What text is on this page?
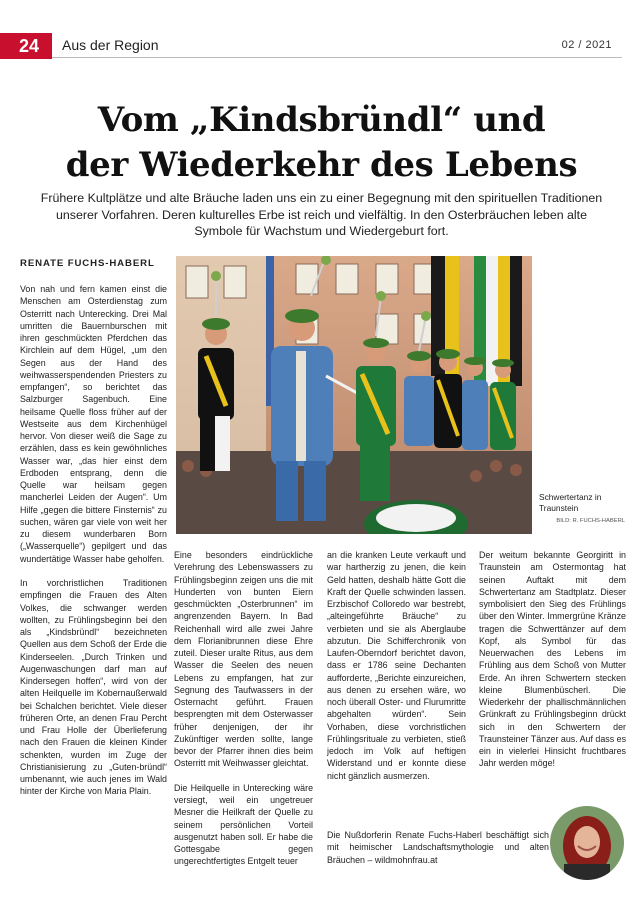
24	Aus der Region	02 / 2021
Vom „Kindsbründl“ und
der Wiederkehr des Lebens
Frühere Kultplätze und alte Bräuche laden uns ein zu einer Begegnung mit den spirituellen Traditionen unserer Vorfahren. Deren kulturelles Erbe ist reich und vielfältig. In den Osterbräuchen leben alte Symbole für Wachstum und Wiedergeburt fort.
RENATE FUCHS-HABERL

Von nah und fern kamen einst die Menschen am Osterdienstag zum Osterritt nach Unterecking. Drei Mal umritten die Bauernburschen mit ihren geschmückten Pferdchen das Kirchlein auf dem Hügel, „um den Segen aus der Hand des weihwasserspendenden Priesters zu empfangen“, so berichtet das Salzburger Sagenbuch. Eine heilsame Quelle floss früher auf der Westseite aus dem Kirchenhügel hervor. Von dieser weiß die Sage zu erzählen, dass es kein gewöhnliches Wasser war, „das hier einst dem Erdboden entsprang, denn die Quelle war heilsam gegen mancherlei Leiden der Augen“. Um Hilfe „gegen die bittere Finsternis“ zu suchen, wären gar viele von weit her zu diesem wunderbaren Born („Wasserquelle“) gepilgert und das wundertätige Wasser habe geholfen.

In vorchristlichen Traditionen empfingen die Frauen des Alten Volkes, die schwanger werden wollten, zu Frühlingsbeginn bei den als „Kindsbründl“ bezeichneten Quellen aus dem Schoß der Erde die Kinderseelen. „Durch Trinken und Augenwaschungen darf man auf Kindersegen hoffen“, wird von der alten Heilquelle im Kobernaußerwald bei Schalchen berichtet. Viele dieser früheren Orte, an denen Frau Percht und Frau Holle der Überlieferung nach den Frauen die kleinen Kinder schenkten, wurden im Zuge der Christianisierung zu „Guten-bründl“ umbenannt, wie auch jenes im Wald hinter der Kirche von Maria Plain.

Schwertertanz in Traunstein
BILD: R. FUCHS-HABERL

Eine besonders eindrückliche Verehrung des Lebenswassers zu Frühlingsbeginn zeigen uns die mit Hunderten von bunten Eiern geschmückten „Osterbrunnen“ im angrenzenden Bayern. In Bad Reichenhall wird alle zwei Jahre dem Florianibrunnen diese Ehre zuteil. Dieser uralte Ritus, aus dem Wasser die Seelen des neuen Lebens zu empfangen, hat zur Segnung des Taufwassers in der Osternacht geführt. Frauen besprengten mit dem Osterwasser früher denjenigen, der ihr Zukünftiger werden sollte, lange bevor der Pfarrer ihnen dies beim Osterritt mit Weihwasser gleichtat.

Die Heilquelle in Unterecking wäre versiegt, weil ein ungetreuer Mesner die Heilkraft der Quelle zu seinem persönlichen Vorteil ausgenutzt haben soll. Er habe die Gottesgabe gegen ungerechtfertigtes Entgelt teuer

an die kranken Leute verkauft und war hartherzig zu jenen, die kein Geld hatten, deshalb hätte Gott die Kraft der Quelle schwinden lassen. Erzbischof Colloredo war bestrebt, „alteingeführte Bräuche“ zu verbieten und sie als Aberglaube abzutun. Die Schifferchronik von Laufen-Oberndorf berichtet davon, dass er 1786 seine Dechanten aufforderte, „Berichte einzureichen, aus denen zu ersehen wäre, wo noch überall Oster- und Flurumritte abgehalten würden“. Sein Vorhaben, diese vorchristlichen Frühlingsrituale zu verbieten, stieß jedoch im Volk auf heftigen Widerstand und er konnte diese nicht gänzlich ausmerzen.

Der weitum bekannte Georgiritt in Traunstein am Ostermontag hat seinen Auftakt mit dem Schwertertanz am Stadtplatz. Dieser symbolisiert den Sieg des Frühlings über den Winter. Immergrüne Kränze tragen die Schwerttänzer auf dem Kopf, als Symbol für das Neuerwachen des Lebens im Frühling aus dem Schoß von Mutter Erde. An ihren Schwertern stecken kleine Blumenbüscherl. Die Wiederkehr der phallischmännlichen Grünkraft zu Frühlingsbeginn drückt sich in den Schwertern der Traunsteiner Tänzer aus. Auf dass es ein in vielerlei Hinsicht fruchtbares Jahr werden möge!

Die Nußdorferin Renate Fuchs-Haberl beschäftigt sich mit heimischer Landschaftsmythologie und alten Bräuchen – wildmohnfrau.at
